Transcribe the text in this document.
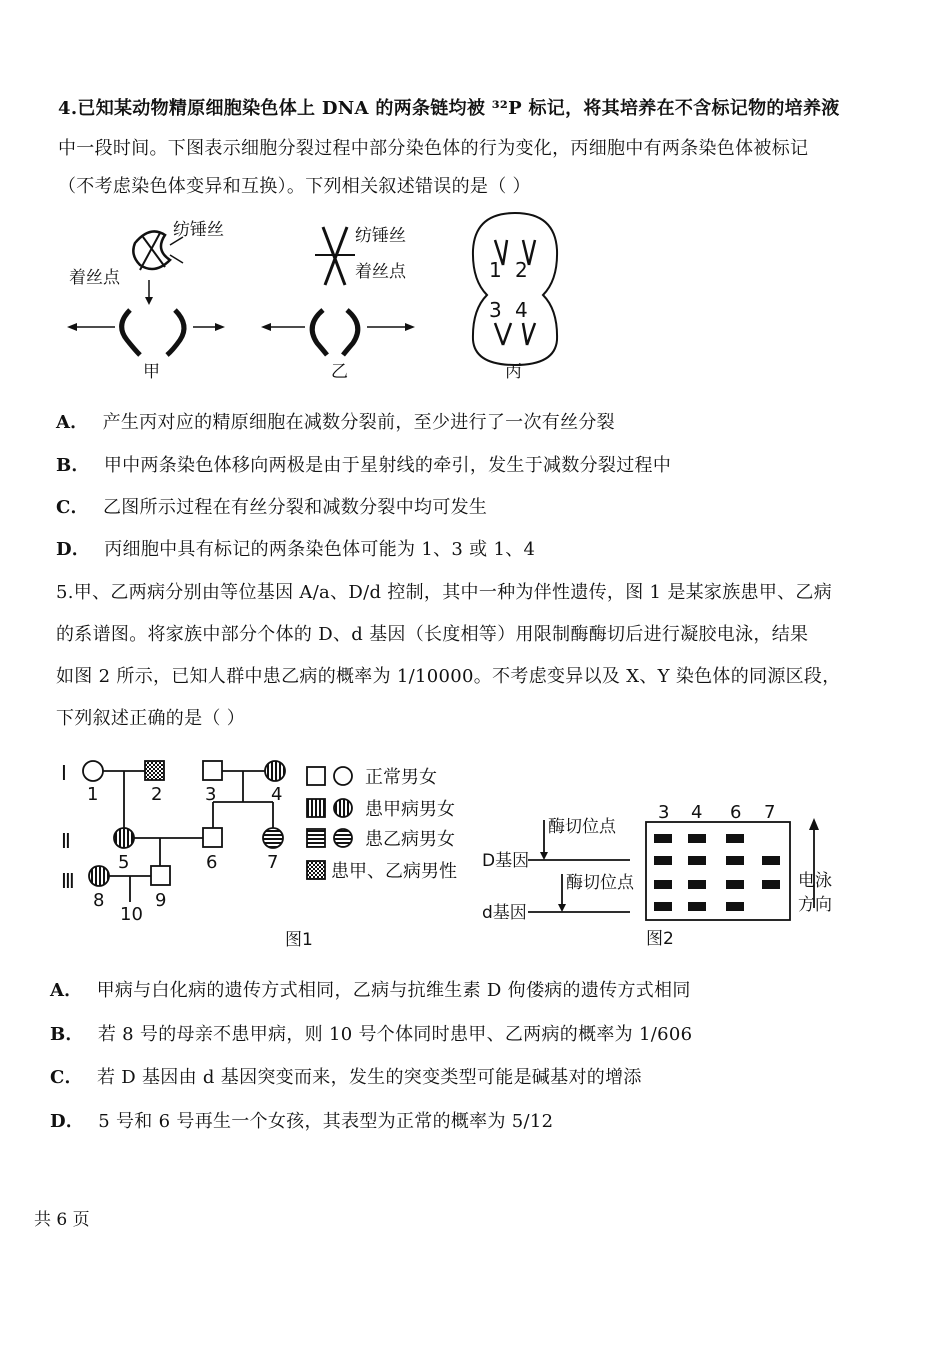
4.已知某动物精原细胞染色体上 DNA 的两条链均被 ³²P 标记，将其培养在不含标记物的培养液
中一段时间。下图表示细胞分裂过程中部分染色体的行为变化，丙细胞中有两条染色体被标记
（不考虑染色体变异和互换）。下列相关叙述错误的是（ ）
纺锤丝
着丝点
甲
纺锤丝
着丝点
乙
1 2
3 4
丙
A． 产生丙对应的精原细胞在减数分裂前，至少进行了一次有丝分裂
B． 甲中两条染色体移向两极是由于星射线的牵引，发生于减数分裂过程中
C． 乙图所示过程在有丝分裂和减数分裂中均可发生
D． 丙细胞中具有标记的两条染色体可能为 1、3 或 1、4
5.甲、乙两病分别由等位基因 A/a、D/d 控制，其中一种为伴性遗传，图 1 是某家族患甲、乙病
的系谱图。将家族中部分个体的 D、d 基因（长度相等）用限制酶酶切后进行凝胶电泳，结果
如图 2 所示，已知人群中患乙病的概率为 1/10000。不考虑变异以及 X、Y 染色体的同源区段，
下列叙述正确的是（ ）
Ⅰ
Ⅱ
Ⅲ
1	2 3	4
5	6	7
8	9
10
正常男女
患甲病男女
患乙病男女
患甲、乙病男性
图1
酶切位点
酶切位点
D基因
d基因
电泳
方向
图2
3 4 6 7
A． 甲病与白化病的遗传方式相同，乙病与抗维生素 D 佝偻病的遗传方式相同
B． 若 8 号的母亲不患甲病，则 10 号个体同时患甲、乙两病的概率为 1/606
C． 若 D 基因由 d 基因突变而来，发生的突变类型可能是碱基对的增添
D． 5 号和 6 号再生一个女孩，其表型为正常的概率为 5/12
共 6 页
